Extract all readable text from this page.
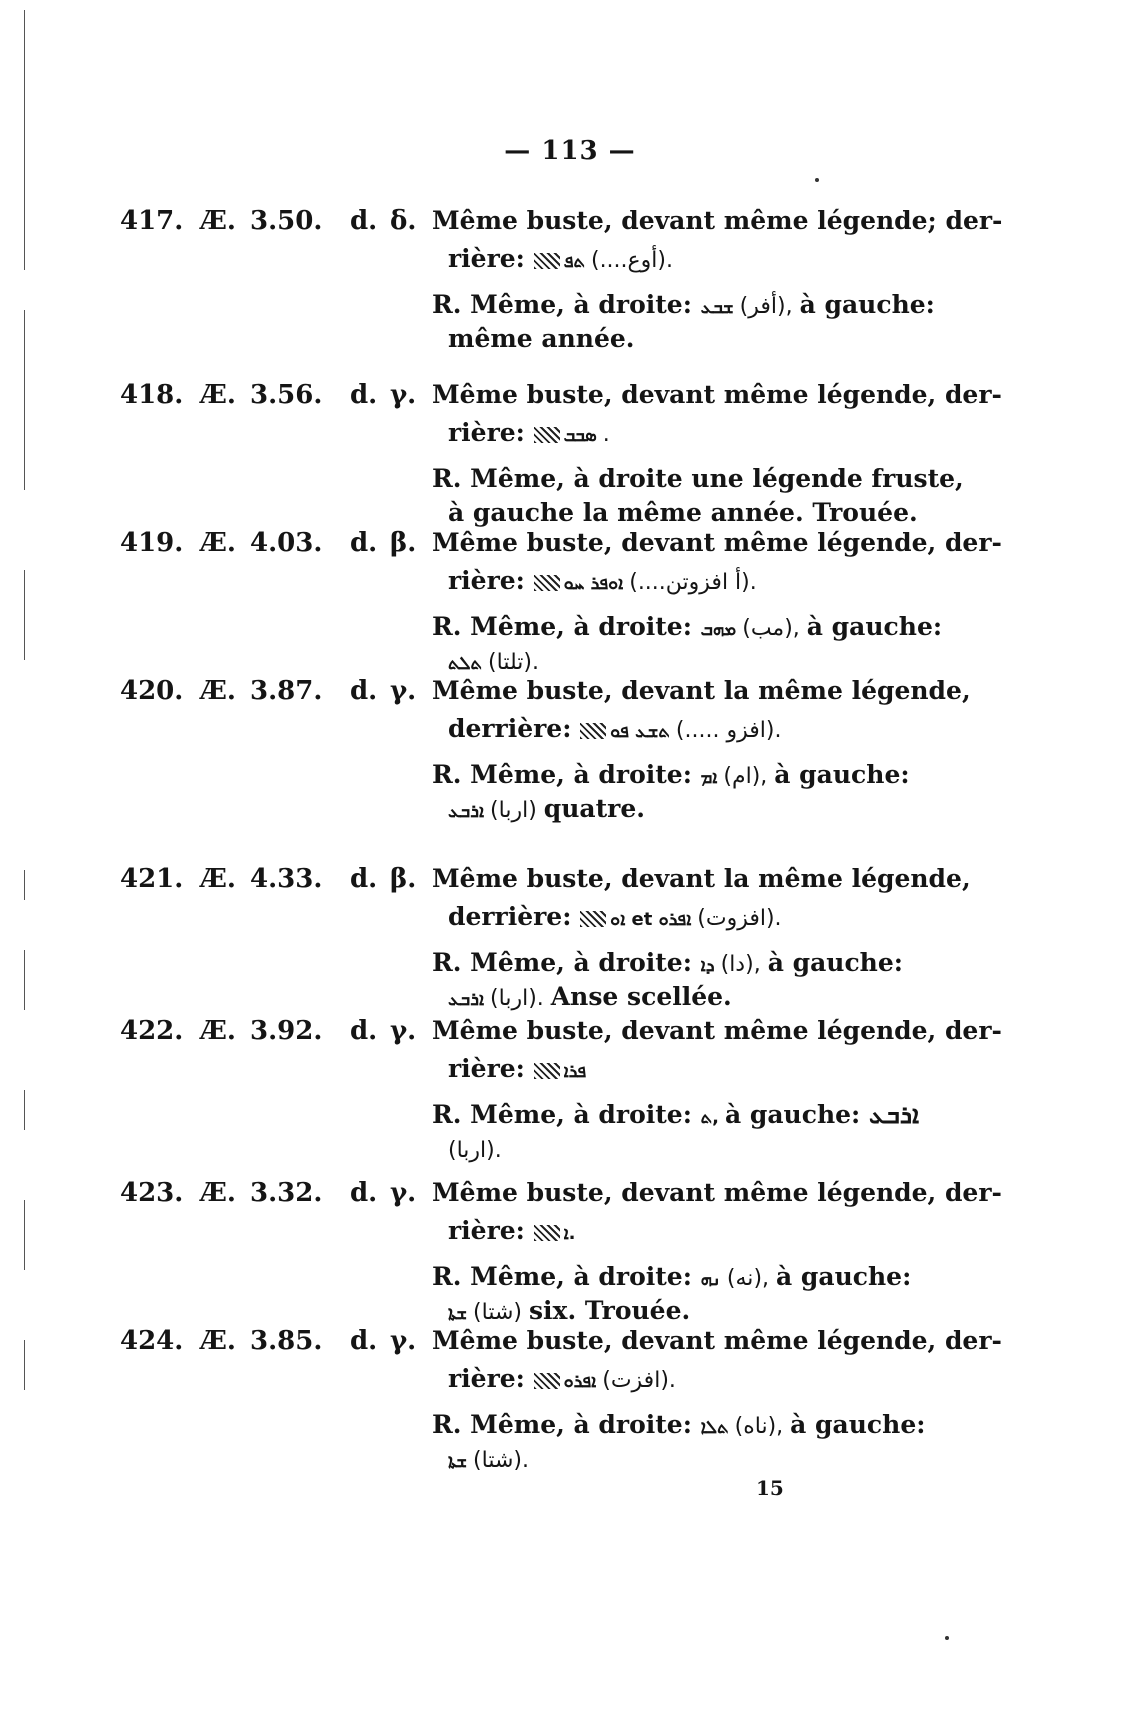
— 113 —
417. Æ. 3.50. d. δ. Même buste, devant même légende; der-
rière: ܬܦ (....أوع).
R. Même, à droite: ܫܒܥ (أفر), à gauche:
même année.
418. Æ. 3.56. d. γ. Même buste, devant même légende, der-
rière: ܣܒܒ .
R. Même, à droite une légende fruste,
à gauche la même année. Trouée.
419. Æ. 4.03. d. β. Même buste, devant même légende, der-
rière: ܐܘܦܪ ܚܘ (....أ افزوتن).
R. Même, à droite: ܡܗܒ (مب), à gauche:
ܬܠܬ (تلتا).
420. Æ. 3.87. d. γ. Même buste, devant la même légende,
derrière: ܬܫܥ ܦܘ (..... افزو).
R. Même, à droite: ܐܡ (ام), à gauche:
ܐܪܒܥ (اربا) quatre.
421. Æ. 4.33. d. β. Même buste, devant la même légende,
derrière: ܐܘ et ܐܦܪܘ (افزوت).
R. Même, à droite: ܕܐ (دا), à gauche:
ܐܪܒܥ (اربا). Anse scellée.
422. Æ. 3.92. d. γ. Même buste, devant même légende, der-
rière: ܦܪܐ
R. Même, à droite: ܬ, à gauche: ܐܪܒܥ
(اربا).
423. Æ. 3.32. d. γ. Même buste, devant même légende, der-
rière: ܐ.
R. Même, à droite: ܢܗ (نه), à gauche:
ܫܬܐ (شتا) six. Trouée.
424. Æ. 3.85. d. γ. Même buste, devant même légende, der-
rière: ܐܦܪܘ (افزت).
R. Même, à droite: ܬܠܐ (ناه), à gauche:
ܫܬܐ (شتا).
15
